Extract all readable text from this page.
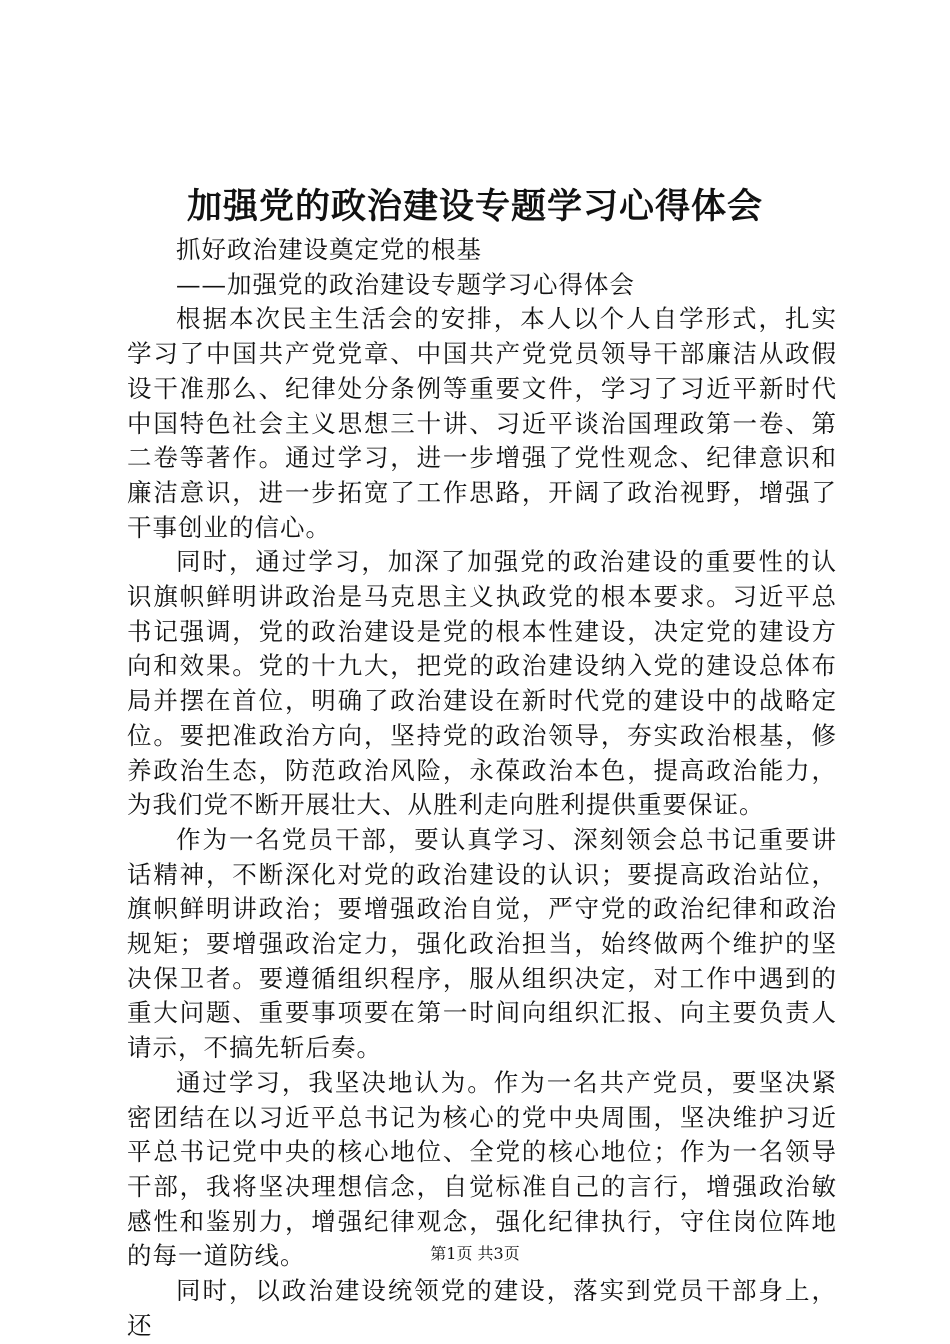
加强党的政治建设专题学习心得体会

抓好政治建设奠定党的根基

——加强党的政治建设专题学习心得体会

根据本次民主生活会的安排，本人以个人自学形式，扎实学习了中国共产党党章、中国共产党党员领导干部廉洁从政假设干准那么、纪律处分条例等重要文件，学习了习近平新时代中国特色社会主义思想三十讲、习近平谈治国理政第一卷、第二卷等著作。通过学习，进一步增强了党性观念、纪律意识和廉洁意识，进一步拓宽了工作思路，开阔了政治视野，增强了干事创业的信心。

同时，通过学习，加深了加强党的政治建设的重要性的认识旗帜鲜明讲政治是马克思主义执政党的根本要求。习近平总书记强调，党的政治建设是党的根本性建设，决定党的建设方向和效果。党的十九大，把党的政治建设纳入党的建设总体布局并摆在首位，明确了政治建设在新时代党的建设中的战略定位。要把准政治方向，坚持党的政治领导，夯实政治根基，修养政治生态，防范政治风险，永葆政治本色，提高政治能力，为我们党不断开展壮大、从胜利走向胜利提供重要保证。

作为一名党员干部，要认真学习、深刻领会总书记重要讲话精神，不断深化对党的政治建设的认识；要提高政治站位，旗帜鲜明讲政治；要增强政治自觉，严守党的政治纪律和政治规矩；要增强政治定力，强化政治担当，始终做两个维护的坚决保卫者。要遵循组织程序，服从组织决定，对工作中遇到的重大问题、重要事项要在第一时间向组织汇报、向主要负责人请示，不搞先斩后奏。

通过学习，我坚决地认为。作为一名共产党员，要坚决紧密团结在以习近平总书记为核心的党中央周围，坚决维护习近平总书记党中央的核心地位、全党的核心地位；作为一名领导干部，我将坚决理想信念，自觉标准自己的言行，增强政治敏感性和鉴别力，增强纪律观念，强化纪律执行，守住岗位阵地的每一道防线。

同时，以政治建设统领党的建设，落实到党员干部身上，还

第1页 共3页
